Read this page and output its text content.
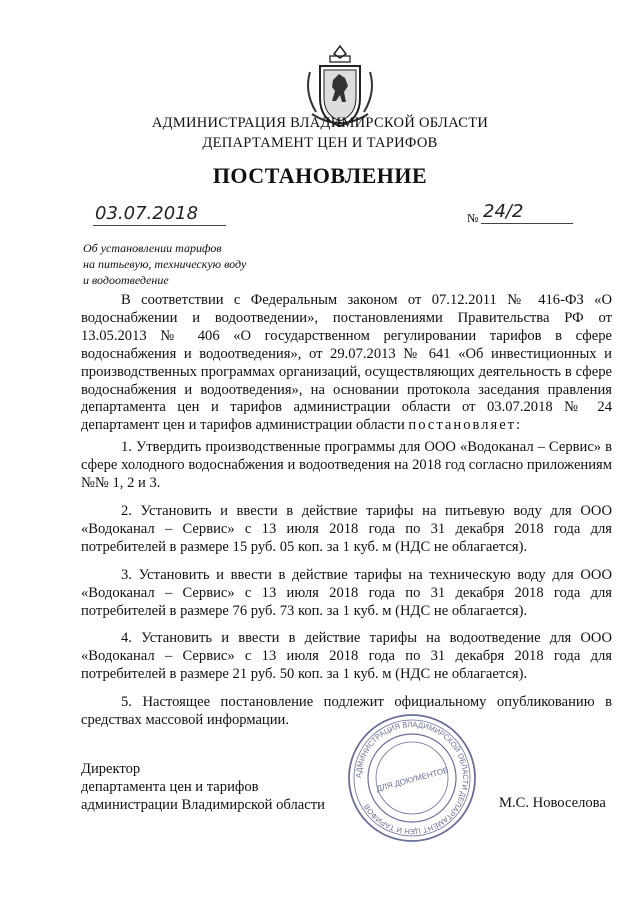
АДМИНИСТРАЦИЯ ВЛАДИМИРСКОЙ ОБЛАСТИ
ДЕПАРТАМЕНТ ЦЕН И ТАРИФОВ
ПОСТАНОВЛЕНИЕ
03.07.2018	№ 24/2
Об установлении тарифов
на питьевую, техническую воду
и водоотведение

В соответствии с Федеральным законом от 07.12.2011 № 416-ФЗ «О водоснабжении и водоотведении», постановлениями Правительства РФ от 13.05.2013 № 406 «О государственном регулировании тарифов в сфере водоснабжения и водоотведения», от 29.07.2013 № 641 «Об инвестиционных и производственных программах организаций, осуществляющих деятельность в сфере водоснабжения и водоотведения», на основании протокола заседания правления департамента цен и тарифов администрации области от 03.07.2018 № 24 департамент цен и тарифов администрации области постановляет:

1. Утвердить производственные программы для ООО «Водоканал – Сервис» в сфере холодного водоснабжения и водоотведения на 2018 год согласно приложениям №№ 1, 2 и 3.

2. Установить и ввести в действие тарифы на питьевую воду для ООО «Водоканал – Сервис» с 13 июля 2018 года по 31 декабря 2018 года для потребителей в размере 15 руб. 05 коп. за 1 куб. м (НДС не облагается).

3. Установить и ввести в действие тарифы на техническую воду для ООО «Водоканал – Сервис» с 13 июля 2018 года по 31 декабря 2018 года для потребителей в размере 76 руб. 73 коп. за 1 куб. м (НДС не облагается).

4. Установить и ввести в действие тарифы на водоотведение для ООО «Водоканал – Сервис» с 13 июля 2018 года по 31 декабря 2018 года для потребителей в размере 21 руб. 50 коп. за 1 куб. м (НДС не облагается).

5. Настоящее постановление подлежит официальному опубликованию в средствах массовой информации.

Директор
департамента цен и тарифов
администрации Владимирской области
АДМИНИСТРАЦИЯ ВЛАДИМИРСКОЙ ОБЛАСТИ ДЕПАРТАМЕНТ ЦЕН И ТАРИФОВ
ДЛЯ ДОКУМЕНТОВ
М.С. Новоселова
